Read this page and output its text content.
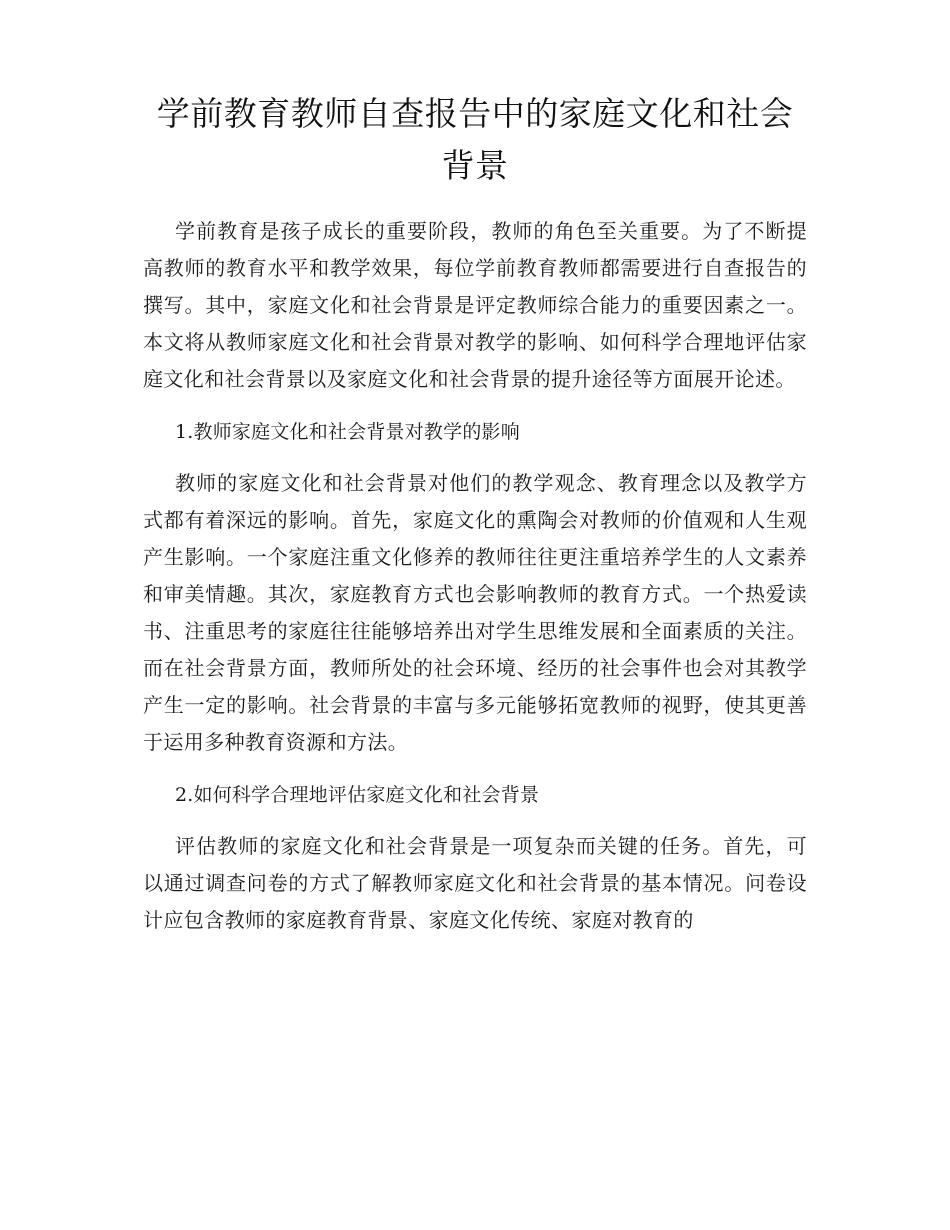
学前教育教师自查报告中的家庭文化和社会背景

学前教育是孩子成长的重要阶段，教师的角色至关重要。为了不断提高教师的教育水平和教学效果，每位学前教育教师都需要进行自查报告的撰写。其中，家庭文化和社会背景是评定教师综合能力的重要因素之一。本文将从教师家庭文化和社会背景对教学的影响、如何科学合理地评估家庭文化和社会背景以及家庭文化和社会背景的提升途径等方面展开论述。

1.教师家庭文化和社会背景对教学的影响

教师的家庭文化和社会背景对他们的教学观念、教育理念以及教学方式都有着深远的影响。首先，家庭文化的熏陶会对教师的价值观和人生观产生影响。一个家庭注重文化修养的教师往往更注重培养学生的人文素养和审美情趣。其次，家庭教育方式也会影响教师的教育方式。一个热爱读书、注重思考的家庭往往能够培养出对学生思维发展和全面素质的关注。而在社会背景方面，教师所处的社会环境、经历的社会事件也会对其教学产生一定的影响。社会背景的丰富与多元能够拓宽教师的视野，使其更善于运用多种教育资源和方法。

2.如何科学合理地评估家庭文化和社会背景

评估教师的家庭文化和社会背景是一项复杂而关键的任务。首先，可以通过调查问卷的方式了解教师家庭文化和社会背景的基本情况。问卷设计应包含教师的家庭教育背景、家庭文化传统、家庭对教育的
